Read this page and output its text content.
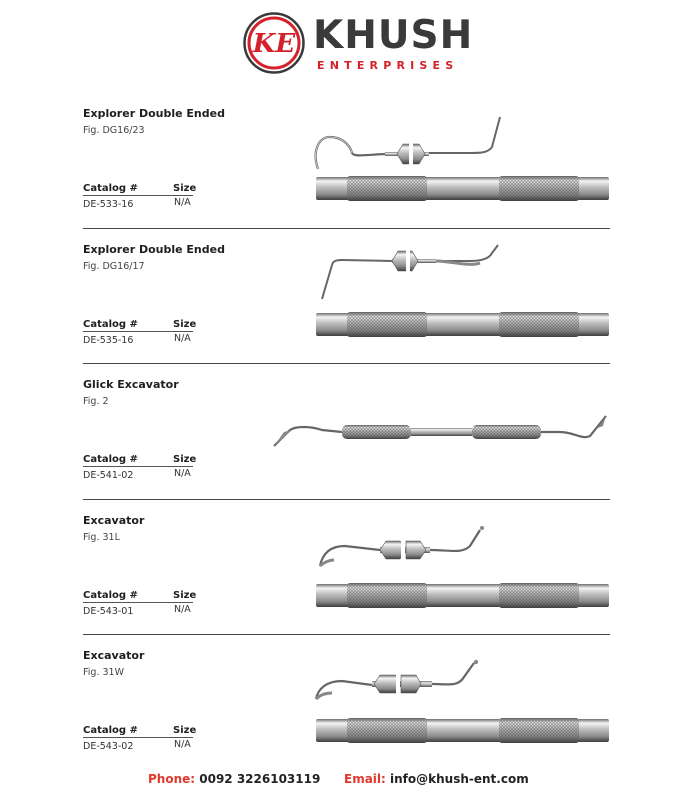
KE KHUSH
ENTERPRISES
Explorer Double Ended
Fig. DG16/23
Catalog #	Size
DE-533-16	N/A
Explorer Double Ended
Fig. DG16/17
Catalog #	Size
DE-535-16	N/A
Glick Excavator
Fig. 2
Catalog #	Size
DE-541-02	N/A
Excavator
Fig. 31L
Catalog #	Size
DE-543-01	N/A
Excavator
Fig. 31W
Catalog #	Size
DE-543-02	N/A
Phone: 0092 3226103119 Email: info@khush-ent.com
